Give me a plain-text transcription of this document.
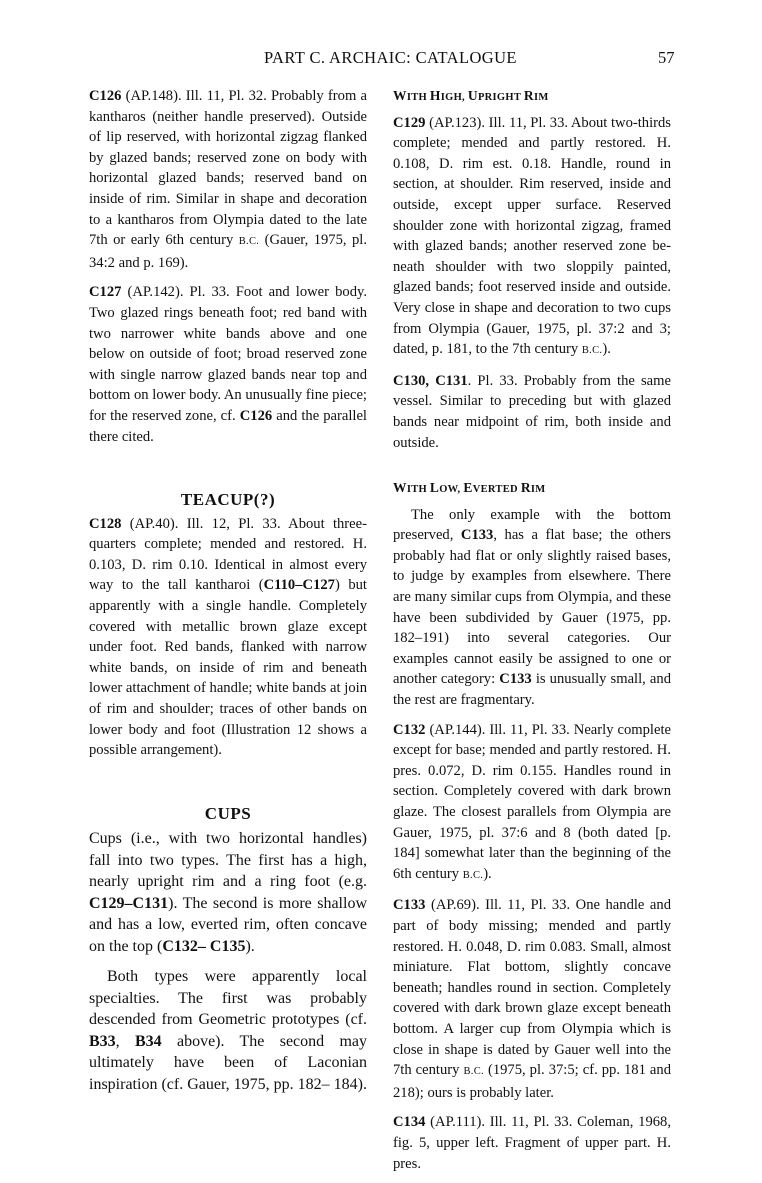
PART C. ARCHAIC: CATALOGUE	57

C126 (AP.148). Ill. 11, Pl. 32. Probably from a kantharos (neither handle preserved). Outside of lip reserved, with horizontal zigzag flanked by glazed bands; reserved zone on body with horizontal glazed bands; reserved band on inside of rim. Similar in shape and decoration to a kantharos from Olympia dated to the late 7th or early 6th century B.C. (Gauer, 1975, pl. 34:2 and p. 169).

C127 (AP.142). Pl. 33. Foot and lower body. Two glazed rings beneath foot; red band with two narrower white bands above and one below on outside of foot; broad reserved zone with single narrow glazed bands near top and bottom on lower body. An unusually fine piece; for the reserved zone, cf. C126 and the parallel there cited.

TEACUP(?)

C128 (AP.40). Ill. 12, Pl. 33. About three-quarters complete; mended and restored. H. 0.103, D. rim 0.10. Identical in almost every way to the tall kantharoi (C110–C127) but apparently with a single handle. Completely covered with metallic brown glaze except under foot. Red bands, flanked with narrow white bands, on inside of rim and beneath lower attachment of handle; white bands at join of rim and shoulder; traces of other bands on lower body and foot (Illustration 12 shows a possible arrangement).

CUPS

Cups (i.e., with two horizontal handles) fall into two types. The first has a high, nearly upright rim and a ring foot (e.g. C129–C131). The second is more shallow and has a low, everted rim, often concave on the top (C132– C135).

Both types were apparently local specialties. The first was probably descended from Geometric prototypes (cf. B33, B34 above). The second may ultimately have been of Laconian inspiration (cf. Gauer, 1975, pp. 182– 184).

WITH HIGH, UPRIGHT RIM

C129 (AP.123). Ill. 11, Pl. 33. About two-thirds complete; mended and partly restored. H. 0.108, D. rim est. 0.18. Handle, round in section, at shoulder. Rim reserved, inside and outside, except upper surface. Reserved shoulder zone with horizontal zigzag, framed with glazed bands; another reserved zone beneath shoulder with two sloppily painted, glazed bands; foot reserved inside and outside. Very close in shape and decoration to two cups from Olympia (Gauer, 1975, pl. 37:2 and 3; dated, p. 181, to the 7th century B.C.).

C130, C131. Pl. 33. Probably from the same vessel. Similar to preceding but with glazed bands near midpoint of rim, both inside and outside.

WITH LOW, EVERTED RIM

The only example with the bottom preserved, C133, has a flat base; the others probably had flat or only slightly raised bases, to judge by examples from elsewhere. There are many similar cups from Olympia, and these have been subdivided by Gauer (1975, pp. 182–191) into several categories. Our examples cannot easily be assigned to one or another category: C133 is unusually small, and the rest are fragmentary.

C132 (AP.144). Ill. 11, Pl. 33. Nearly complete except for base; mended and partly restored. H. pres. 0.072, D. rim 0.155. Handles round in section. Completely covered with dark brown glaze. The closest parallels from Olympia are Gauer, 1975, pl. 37:6 and 8 (both dated [p. 184] somewhat later than the beginning of the 6th century B.C.).

C133 (AP.69). Ill. 11, Pl. 33. One handle and part of body missing; mended and partly restored. H. 0.048, D. rim 0.083. Small, almost miniature. Flat bottom, slightly concave beneath; handles round in section. Completely covered with dark brown glaze except beneath bottom. A larger cup from Olympia which is close in shape is dated by Gauer well into the 7th century B.C. (1975, pl. 37:5; cf. pp. 181 and 218); ours is probably later.

C134 (AP.111). Ill. 11, Pl. 33. Coleman, 1968, fig. 5, upper left. Fragment of upper part. H. pres.
